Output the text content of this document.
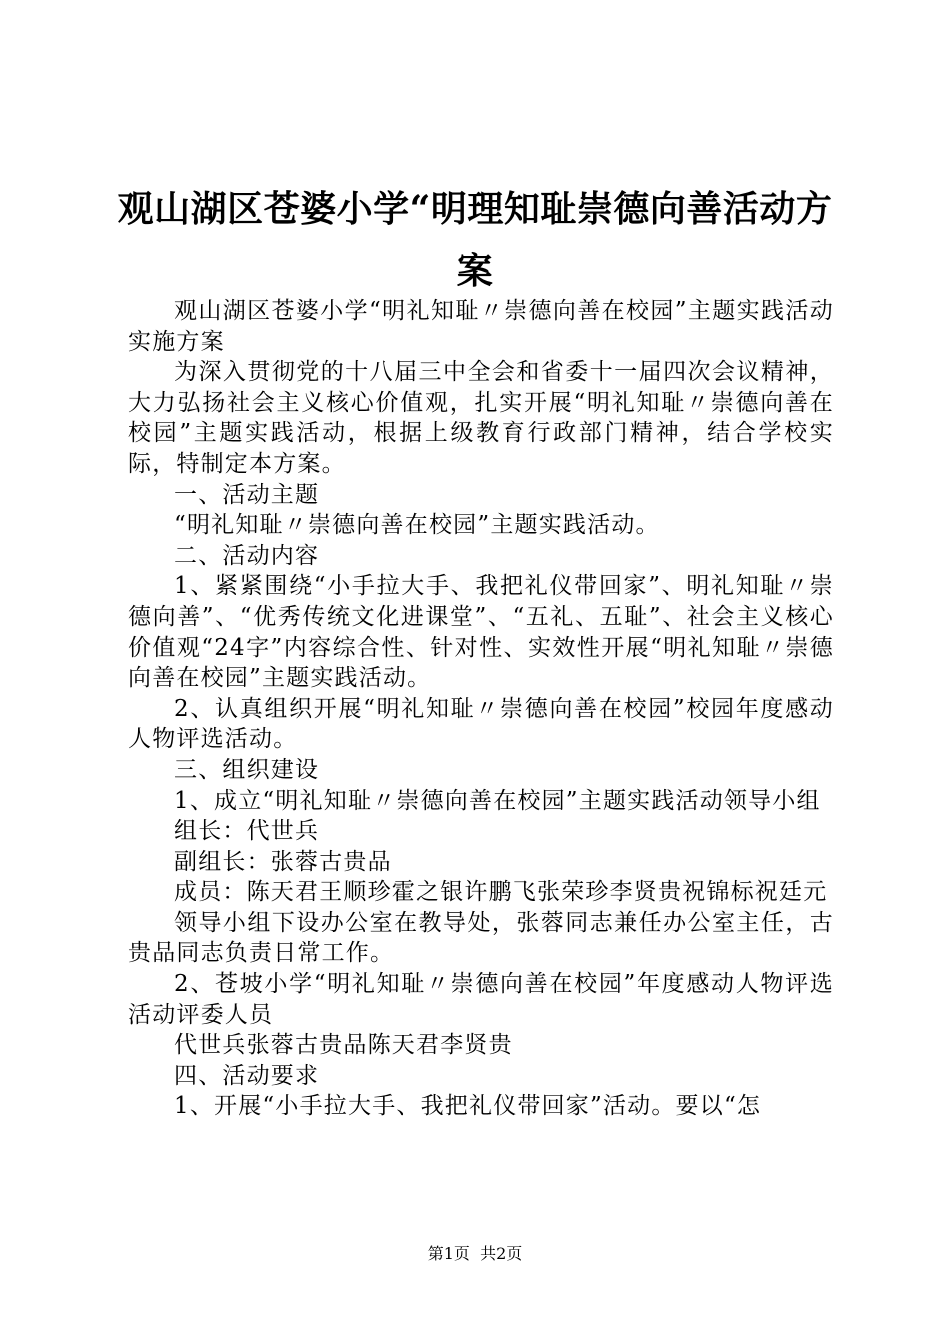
观山湖区苍婆小学“明理知耻崇德向善活动方案

观山湖区苍婆小学“明礼知耻〃崇德向善在校园”主题实践活动实施方案

为深入贯彻党的十八届三中全会和省委十一届四次会议精神，大力弘扬社会主义核心价值观，扎实开展“明礼知耻〃崇德向善在校园”主题实践活动，根据上级教育行政部门精神，结合学校实际，特制定本方案。

一、活动主题

“明礼知耻〃崇德向善在校园”主题实践活动。

二、活动内容

1、紧紧围绕“小手拉大手、我把礼仪带回家”、明礼知耻〃崇德向善”、“优秀传统文化进课堂”、“五礼、五耻”、社会主义核心价值观“24字”内容综合性、针对性、实效性开展“明礼知耻〃崇德向善在校园”主题实践活动。

2、认真组织开展“明礼知耻〃崇德向善在校园”校园年度感动人物评选活动。

三、组织建设

1、成立“明礼知耻〃崇德向善在校园”主题实践活动领导小组

组长：代世兵

副组长：张蓉古贵品

成员：陈天君王顺珍霍之银许鹏飞张荣珍李贤贵祝锦标祝廷元

领导小组下设办公室在教导处，张蓉同志兼任办公室主任，古贵品同志负责日常工作。

2、苍坡小学“明礼知耻〃崇德向善在校园”年度感动人物评选活动评委人员

代世兵张蓉古贵品陈天君李贤贵

四、活动要求

1、开展“小手拉大手、我把礼仪带回家”活动。要以“怎

第1页 共2页
